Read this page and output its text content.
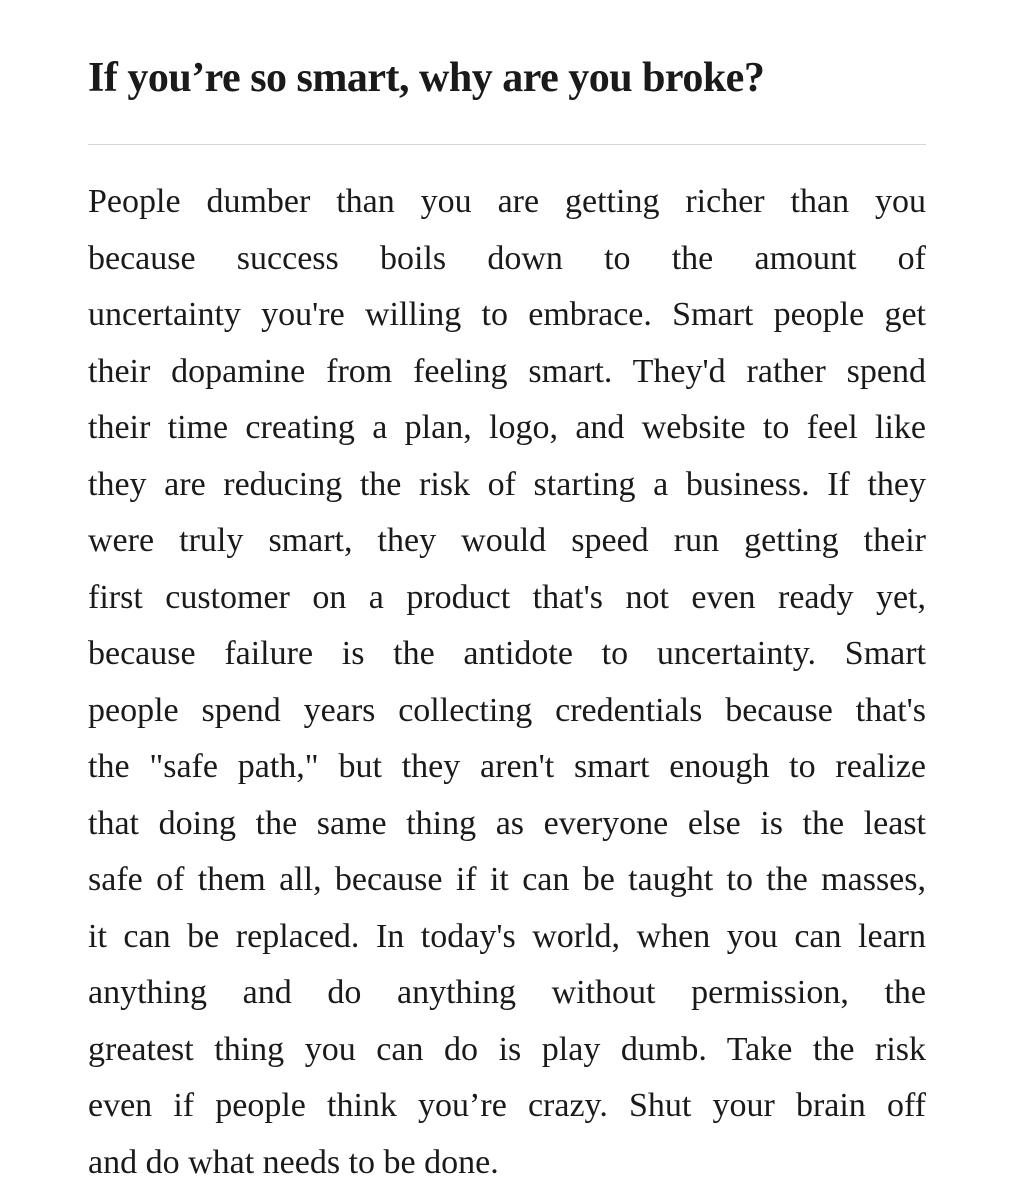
If you’re so smart, why are you broke?
People dumber than you are getting richer than you
because success boils down to the amount of
uncertainty you're willing to embrace. Smart people get
their dopamine from feeling smart. They'd rather spend
their time creating a plan, logo, and website to feel like
they are reducing the risk of starting a business. If they
were truly smart, they would speed run getting their
first customer on a product that's not even ready yet,
because failure is the antidote to uncertainty. Smart
people spend years collecting credentials because that's
the "safe path," but they aren't smart enough to realize
that doing the same thing as everyone else is the least
safe of them all, because if it can be taught to the masses,
it can be replaced. In today's world, when you can learn
anything and do anything without permission, the
greatest thing you can do is play dumb. Take the risk
even if people think you’re crazy. Shut your brain off
and do what needs to be done.
